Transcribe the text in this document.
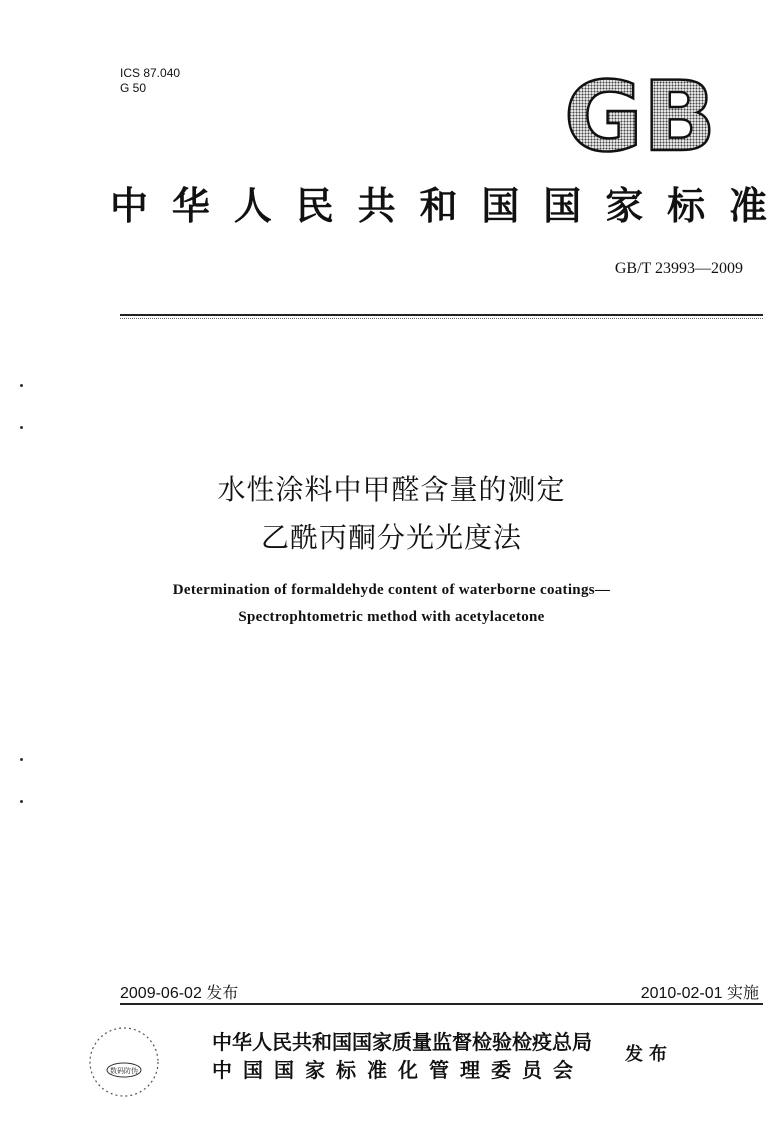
ICS 87.040
G 50	GB
中华人民共和国国家标准
GB/T 23993—2009
水性涂料中甲醛含量的测定
乙酰丙酮分光光度法
Determination of formaldehyde content of waterborne coatings—
Spectrophtometric method with acetylacetone
2009-06-02 发布	2010-02-01 实施
数码防伪
中华人民共和国国家质量监督检验检疫总局
中国国家标准化管理委员会
发布
